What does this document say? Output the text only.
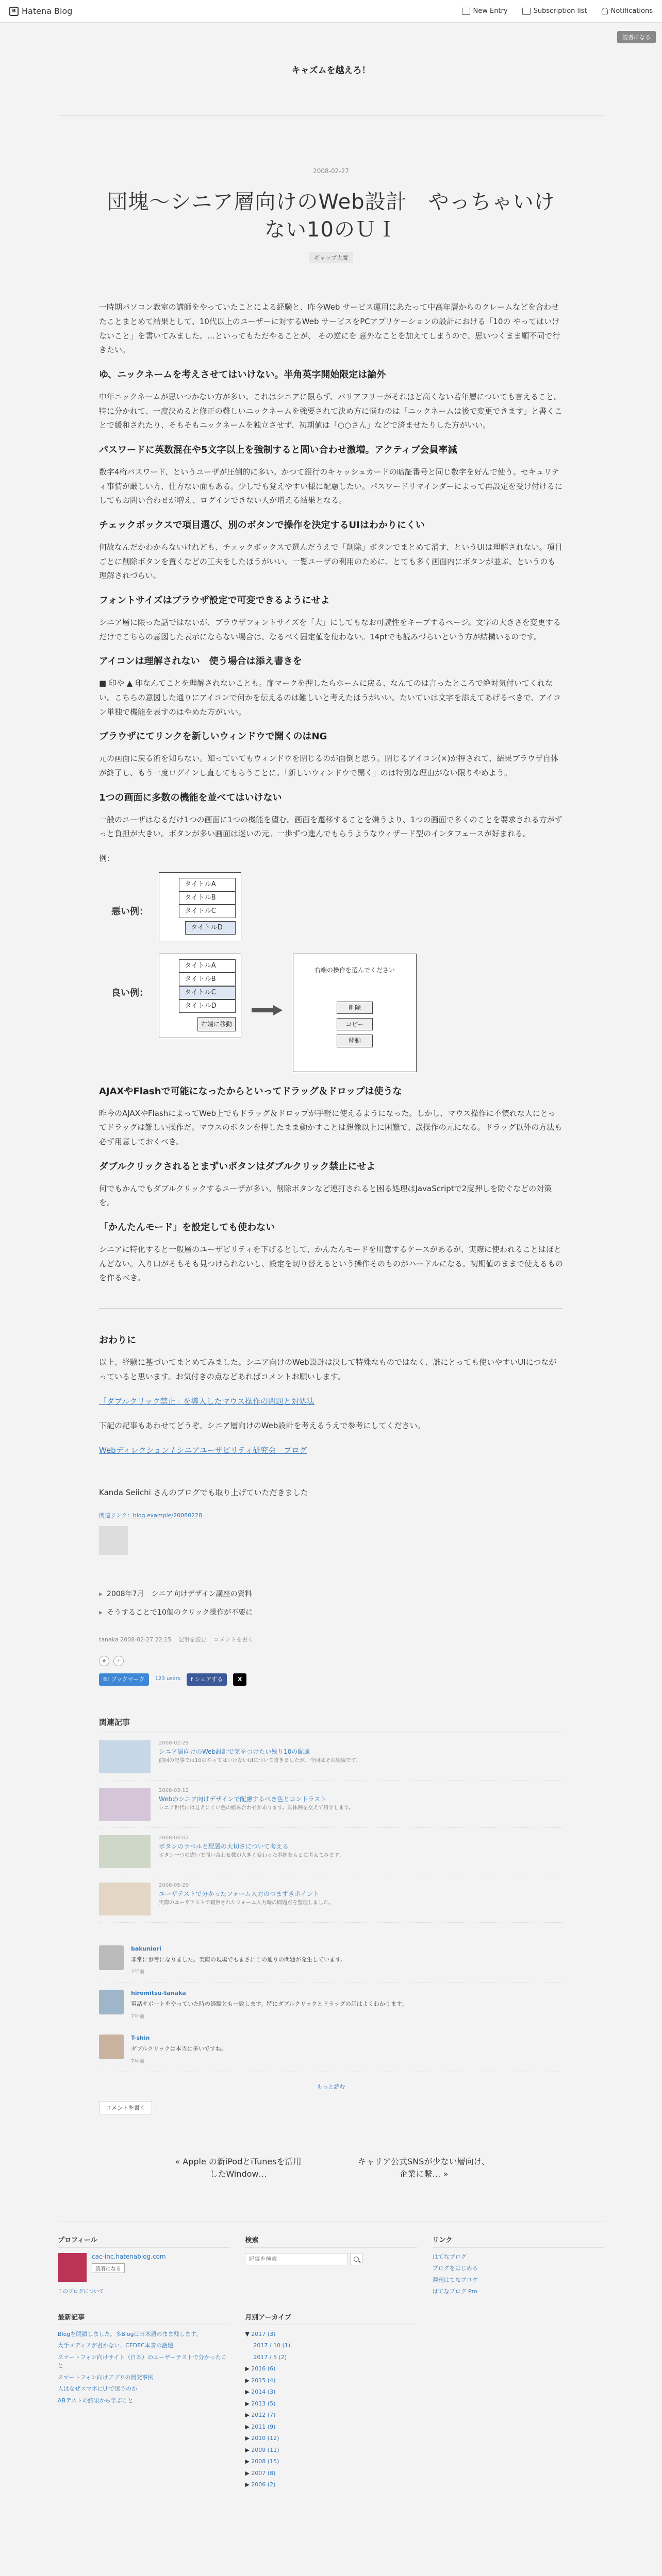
B Hatena Blog	New Entry	Subscription list	Notifications
読者になる
キャズムを越えろ！
2008-02-27
団塊～シニア層向けのWeb設計　やっちゃいけない10のＵＩ
ギャップ大魔

一時期パソコン教室の講師をやっていたことによる経験と、昨今Web サービス運用にあたって中高年層からのクレームなどを合わせたことまとめて結果として、10代以上のユーザーに対するWeb サービスをPCアプリケーションの設計における「10の やってはいけないこと」を書いてみました。…といってもただやることが、 その逆にを 意外なことを加えてしまうので、思いつくまま順不同で行きたい。

ゆ、ニックネームを考えさせてはいけない。半角英字開始限定は論外

中年ニックネームが思いつかない方が多い。これはシニアに限らず、バリアフリーがそれほど高くない若年層についても言えること。特に分かれて、一度決めると修正の難しいニックネームを強要されて決め方に悩むのは「ニックネームは後で変更できます」と書くことで緩和されたり、そもそもニックネームを独立させず、初期値は「○○さん」などで済ませたりした方がいい。

パスワードに英数混在や5文字以上を強制すると問い合わせ激増。アクティブ会員率減

数字4桁パスワード、というユーザが圧倒的に多い。かつて銀行のキャッシュカードの暗証番号と同じ数字を好んで使う。セキュリティ事情が厳しい方、仕方ない面もある。少しでも覚えやすい様に配慮したい。パスワードリマインダーによって再設定を受け付けるにしてもお問い合わせが増え、ログインできない人が増える結果となる。

チェックボックスで項目選び、別のボタンで操作を決定するUIはわかりにくい

何故なんだかわからないけれども、チェックボックスで選んだうえで「削除」ボタンでまとめて消す、というUIは理解されない。項目ごとに削除ボタンを置くなどの工夫をしたほうがいい。一覧ユーザの利用のために、とても多く画面内にボタンが並ぶ、というのも理解されづらい。

フォントサイズはブラウザ設定で可変できるようにせよ

シニア層に限った話ではないが、ブラウザフォントサイズを「大」にしてもなお可読性をキープするページ。文字の大きさを変更するだけでこちらの意図した表示にならない場合は、なるべく固定値を使わない。14ptでも読みづらいという方が結構いるのです。

アイコンは理解されない　使う場合は添え書きを

■ 印や ▲ 印なんてことを理解されないことも。扉マークを押したらホームに戻る、なんてのは言ったところで絶対気付いてくれない。こちらの意図した通りにアイコンで何かを伝えるのは難しいと考えたほうがいい。たいていは文字を添えてあげるべきで、アイコン単独で機能を表すのはやめた方がいい。

ブラウザにてリンクを新しいウィンドウで開くのはNG

元の画面に戻る術を知らない。知っていてもウィンドウを閉じるのが面倒と思う。閉じるアイコン(×)が押されて、結果ブラウザ自体が終了し、もう一度ログインし直してもらうことに。「新しいウィンドウで開く」のは特別な理由がない限りやめよう。

1つの画面に多数の機能を並べてはいけない

一般のユーザはなるだけ1つの画面に1つの機能を望む。画面を遷移することを嫌うより、1つの画面で多くのことを要求される方がずっと負担が大きい。ボタンが多い画面は迷いの元。一歩ずつ進んでもらうようなウィザード型のインタフェースが好まれる。

例：
悪い例：
タイトルA
タイトルB
タイトルC
タイトルD
良い例：
タイトルA
タイトルB
タイトルC
タイトルD
右端に移動
右端の操作を選んでください
削除
コピー
移動
AJAXやFlashで可能になったからといってドラッグ＆ドロップは使うな

昨今のAJAXやFlashによってWeb上でもドラッグ＆ドロップが手軽に使えるようになった。しかし、マウス操作に不慣れな人にとってドラッグは難しい操作だ。マウスのボタンを押したまま動かすことは想像以上に困難で、誤操作の元になる。ドラッグ以外の方法も必ず用意しておくべき。

ダブルクリックされるとまずいボタンはダブルクリック禁止にせよ

何でもかんでもダブルクリックするユーザが多い。削除ボタンなど連打されると困る処理はJavaScriptで2度押しを防ぐなどの対策を。

「かんたんモード」を設定しても使わない

シニアに特化すると一般層のユーザビリティを下げるとして、かんたんモードを用意するケースがあるが、実際に使われることはほとんどない。入り口がそもそも見つけられないし、設定を切り替えるという操作そのものがハードルになる。初期値のままで使えるものを作るべき。

おわりに

以上、経験に基づいてまとめてみました。シニア向けのWeb設計は決して特殊なものではなく、誰にとっても使いやすいUIにつながっていると思います。お気付きの点などあればコメントお願いします。

「ダブルクリック禁止」を導入したマウス操作の問題と対処法

下記の記事もあわせてどうぞ。シニア層向けのWeb設計を考えるうえで参考にしてください。

Webディレクション / シニアユーザビリティ研究会　ブログ

Kanda Seiichi さんのブログでも取り上げていただきました

関連リンク：blog.example/20080228
▸ 2008年7月　シニア向けデザイン講座の資料
▸ そうすることで10個のクリック操作が不要に
tanaka 2008-02-27 22:15 記事を読む コメントを書く
★	＋
B! ブックマーク 123 users f シェアする	X
関連記事
2008-02-29
シニア層向けのWeb設計で気をつけたい残り10の配慮
前回の記事では10のやってはいけないUIについて書きましたが、今回はその続編です。
2008-03-12
Webのシニア向けデザインで配慮するべき色とコントラスト
シニア世代には見えにくい色の組み合わせがあります。具体例を交えて紹介します。
2008-04-02
ボタンのラベルと配置の大切さについて考える
ボタン一つの違いで問い合わせ数が大きく変わった事例をもとに考えてみます。
2008-05-20
ユーザテストで分かったフォーム入力のつまずきポイント
実際のユーザテストで観察されたフォーム入力時の問題点を整理しました。
bakuniori
非常に参考になりました。実際の現場でもまさにこの通りの問題が発生しています。
7年前
hiromitsu-tanaka
電話サポートをやっていた時の経験とも一致します。特にダブルクリックとドラッグの話はよくわかります。
7年前
T-shin
ダブルクリックは本当に多いですね。
7年前
もっと読む
コメントを書く
« Apple の新iPodとiTunesを活用したWindow…
キャリア公式SNSが少ない層向け、企業に繋… »
プロフィール
cac-inc.hatenablog.com
読者になる
このブログについて
検索
記事を検索	リンク
はてなブログ
ブログをはじめる
週刊はてなブログ
はてなブログ Pro
最新記事
Blogを閉鎖しました。多Blogは日本語のまま残します。
大手メディアが書かない、CEDEC本音の話題
スマートフォン向けサイト（日本）のユーザーテストで分かったこと
スマートフォン向けアプリの開発事例
人はなぜスマホにUIで迷うのか
ABテストの結果から学ぶこと
月別アーカイブ
▼ 2017 (3)
2017 / 10 (1)
2017 / 5 (2)
▶ 2016 (6)
▶ 2015 (4)
▶ 2014 (3)
▶ 2013 (5)
▶ 2012 (7)
▶ 2011 (9)
▶ 2010 (12)
▶ 2009 (11)
▶ 2008 (15)
▶ 2007 (8)
▶ 2006 (2)
